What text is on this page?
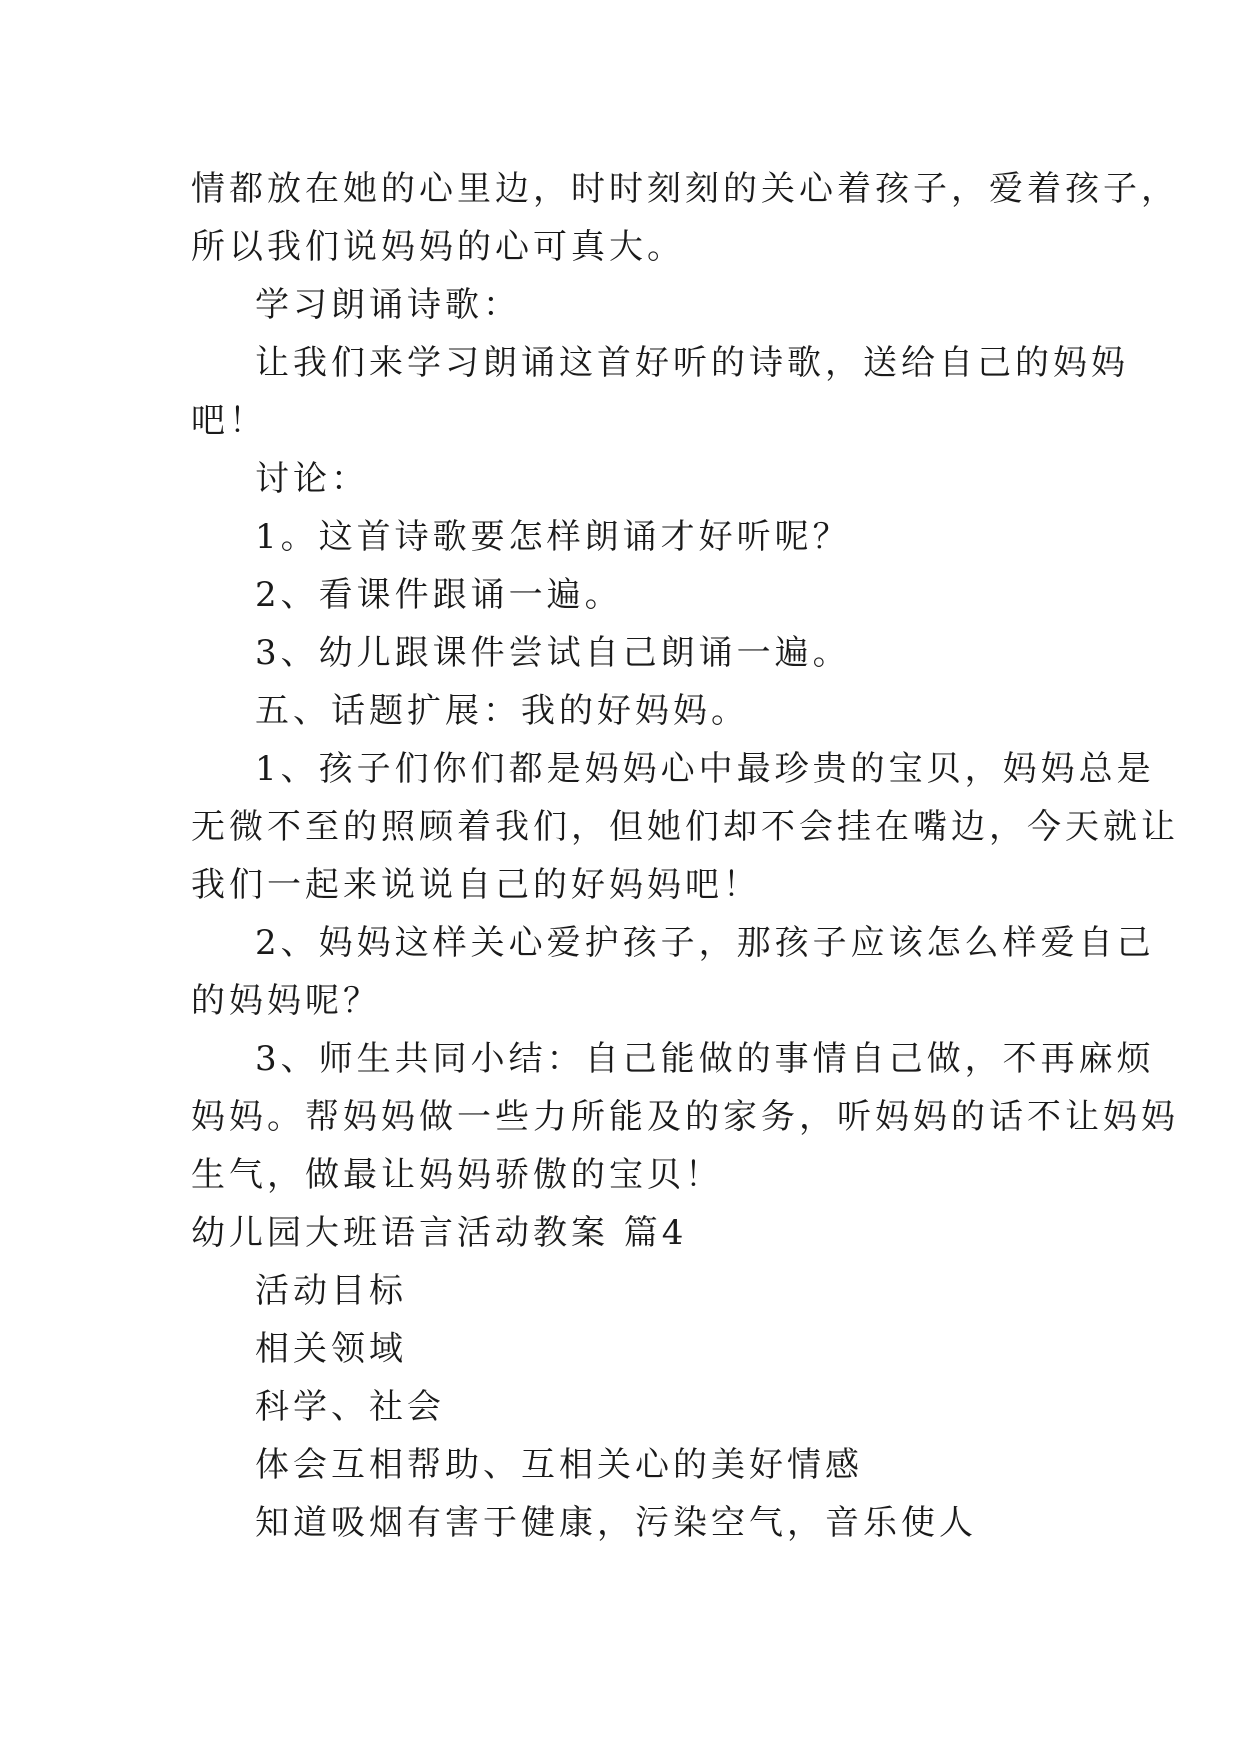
情都放在她的心里边，时时刻刻的关心着孩子，爱着孩子，
所以我们说妈妈的心可真大。
学习朗诵诗歌：
让我们来学习朗诵这首好听的诗歌，送给自己的妈妈
吧！
讨论：
1。这首诗歌要怎样朗诵才好听呢？
2、看课件跟诵一遍。
3、幼儿跟课件尝试自己朗诵一遍。
五、话题扩展：我的好妈妈。
1、孩子们你们都是妈妈心中最珍贵的宝贝，妈妈总是
无微不至的照顾着我们，但她们却不会挂在嘴边，今天就让
我们一起来说说自己的好妈妈吧！
2、妈妈这样关心爱护孩子，那孩子应该怎么样爱自己
的妈妈呢？
3、师生共同小结：自己能做的事情自己做，不再麻烦
妈妈。帮妈妈做一些力所能及的家务，听妈妈的话不让妈妈
生气，做最让妈妈骄傲的宝贝！
幼儿园大班语言活动教案 篇4
活动目标
相关领域
科学、社会
体会互相帮助、互相关心的美好情感
知道吸烟有害于健康，污染空气，音乐使人
